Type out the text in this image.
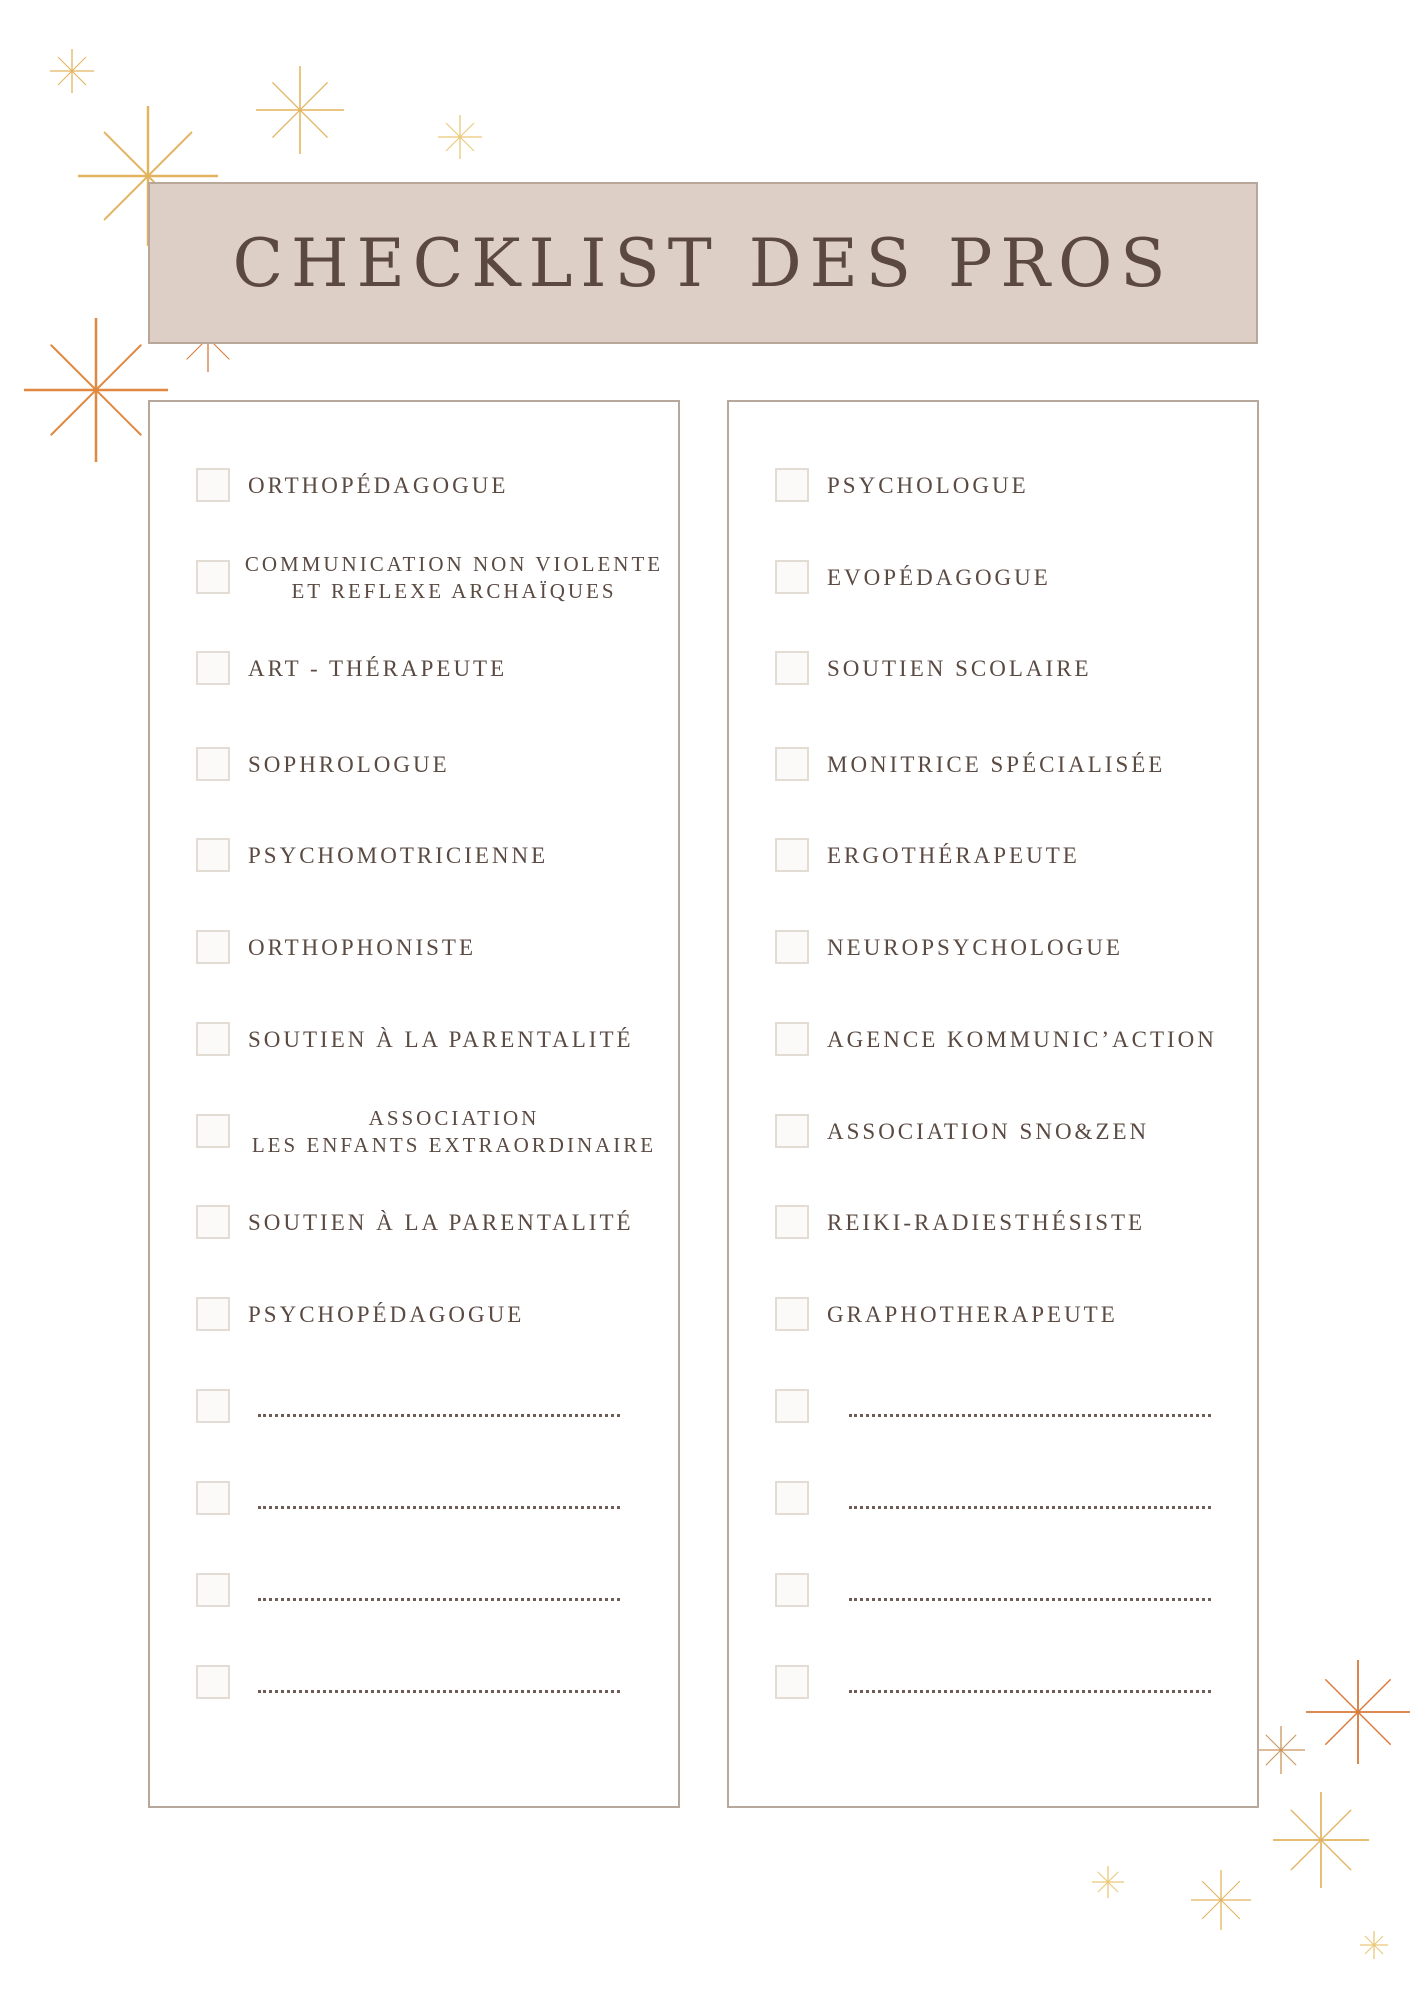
CHECKLIST DES PROS
ORTHOPÉDAGOGUE
COMMUNICATION NON VIOLENTE
ET REFLEXE ARCHAÏQUES
ART - THÉRAPEUTE
SOPHROLOGUE
PSYCHOMOTRICIENNE
ORTHOPHONISTE
SOUTIEN À LA PARENTALITÉ
ASSOCIATION
LES ENFANTS EXTRAORDINAIRE
SOUTIEN À LA PARENTALITÉ
PSYCHOPÉDAGOGUE
PSYCHOLOGUE
EVOPÉDAGOGUE
SOUTIEN SCOLAIRE
MONITRICE SPÉCIALISÉE
ERGOTHÉRAPEUTE
NEUROPSYCHOLOGUE
AGENCE KOMMUNIC’ACTION
ASSOCIATION SNO&ZEN
REIKI-RADIESTHÉSISTE
GRAPHOTHERAPEUTE
